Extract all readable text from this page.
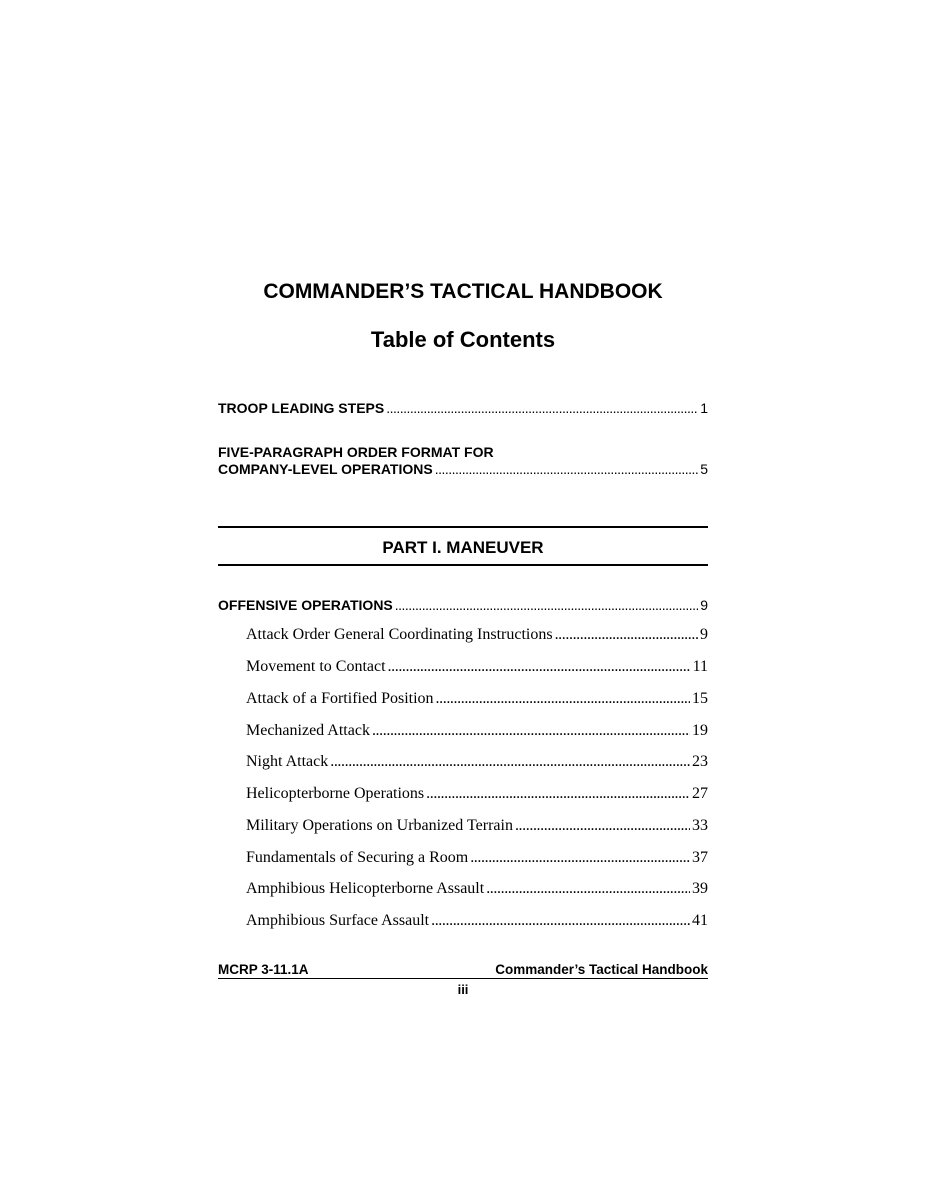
COMMANDER’S TACTICAL HANDBOOK
Table of Contents
TROOP LEADING STEPS . . .	1
FIVE-PARAGRAPH ORDER FORMAT FOR
COMPANY-LEVEL OPERATIONS . . .	5
PART I. MANEUVER
OFFENSIVE OPERATIONS . . .	9
Attack Order General Coordinating Instructions . . .	9
Movement to Contact . . .	11
Attack of a Fortified Position . . .	15
Mechanized Attack . . .	19
Night Attack . . .	23
Helicopterborne Operations . . .	27
Military Operations on Urbanized Terrain . . .	33
Fundamentals of Securing a Room . . .	37
Amphibious Helicopterborne Assault . . .	39
Amphibious Surface Assault . . .	41
MCRP 3-11.1A	Commander’s Tactical Handbook
iii
